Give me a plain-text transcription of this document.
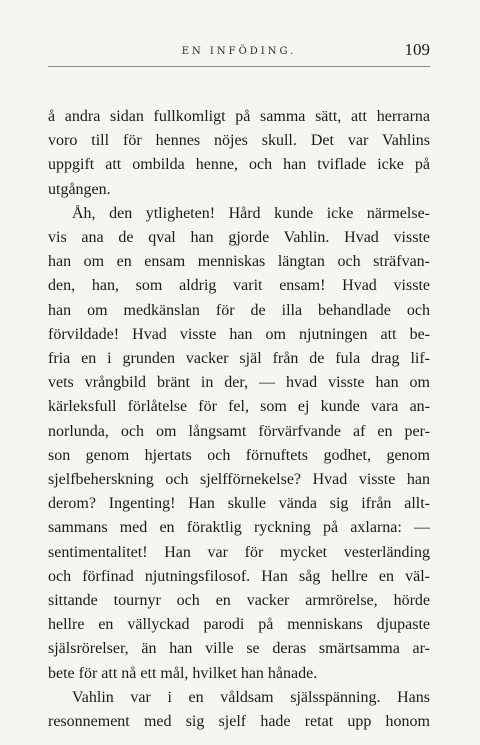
EN INFÖDING.	109
å andra sidan fullkomligt på samma sätt, att herrarna
voro till för hennes nöjes skull. Det var Vahlins
uppgift att ombilda henne, och han tviflade icke på
utgången.
Åh, den ytligheten! Hård kunde icke närmelse-
vis ana de qval han gjorde Vahlin. Hvad visste
han om en ensam menniskas längtan och sträfvan-
den, han, som aldrig varit ensam! Hvad visste
han om medkänslan för de illa behandlade och
förvildade! Hvad visste han om njutningen att be-
fria en i grunden vacker själ från de fula drag lif-
vets vrångbild bränt in der, — hvad visste han om
kärleksfull förlåtelse för fel, som ej kunde vara an-
norlunda, och om långsamt förvärfvande af en per-
son genom hjertats och förnuftets godhet, genom
sjelfbeherskning och sjelfförnekelse? Hvad visste han
derom? Ingenting! Han skulle vända sig ifrån allt-
sammans med en föraktlig ryckning på axlarna: —
sentimentalitet! Han var för mycket vesterländing
och förfinad njutningsfilosof. Han såg hellre en väl-
sittande tournyr och en vacker armrörelse, hörde
hellre en vällyckad parodi på menniskans djupaste
själsrörelser, än han ville se deras smärtsamma ar-
bete för att nå ett mål, hvilket han hånade.
Vahlin var i en våldsam själsspänning. Hans
resonnement med sig sjelf hade retat upp honom
